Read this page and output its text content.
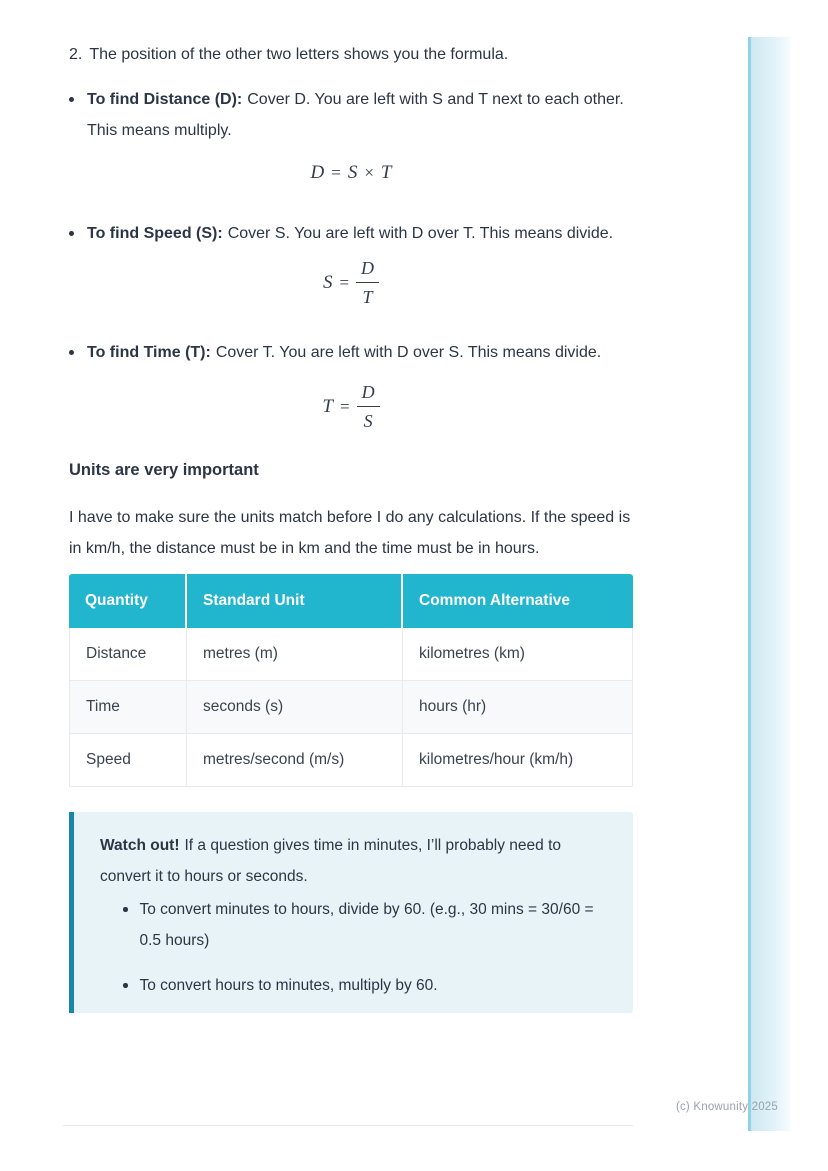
2. The position of the other two letters shows you the formula.
To find Distance (D): Cover D. You are left with S and T next to each other. This means multiply.
D = S × T
To find Speed (S): Cover S. You are left with D over T. This means divide.
$S = \frac{D}{T}$
To find Time (T): Cover T. You are left with D over S. This means divide.
$T = \frac{D}{S}$
Units are very important
I have to make sure the units match before I do any calculations. If the speed is in km/h, the distance must be in km and the time must be in hours.
Quantity	Standard Unit	Common Alternative
Distance	metres (m)	kilometres (km)
Time	seconds (s)	hours (hr)
Speed	metres/second (m/s)	kilometres/hour (km/h)
Watch out! If a question gives time in minutes, I’ll probably need to convert it to hours or seconds.
To convert minutes to hours, divide by 60. (e.g., 30 mins = 30/60 = 0.5 hours)
To convert hours to minutes, multiply by 60.
(c) Knowunity 2025
